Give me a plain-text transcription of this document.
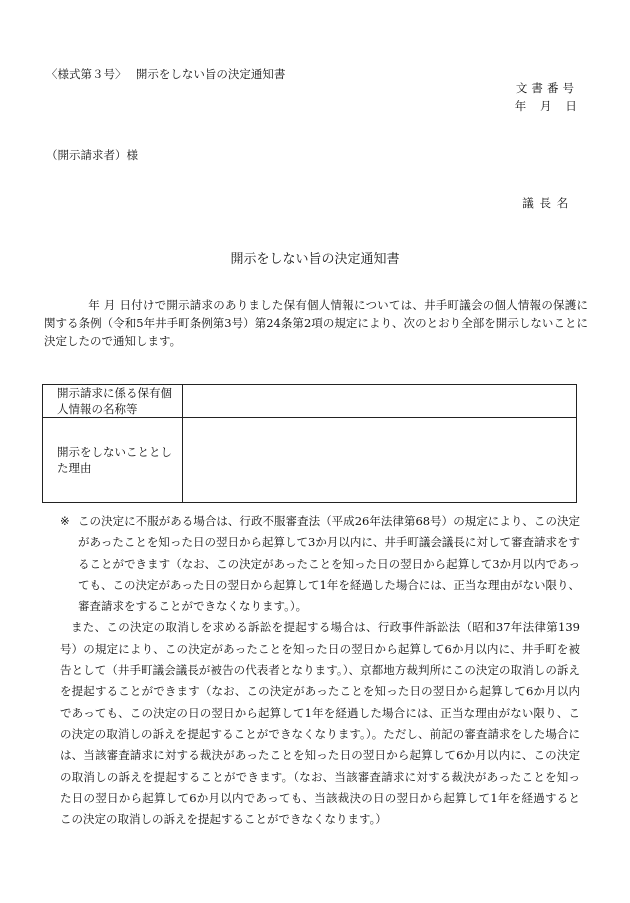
〈様式第３号〉　 開示をしない旨の決定通知書
文書番号
年　月　日
（開示請求者）様
議長名
開示をしない旨の決定通知書
年 月 日付けで開示請求のありました保有個人情報については、井手町議会の個人情報の保護に関する条例（令和5年井手町条例第3号）第24条第2項の規定により、次のとおり全部を開示しないことに決定したので通知します。
開示請求に係る保有個人情報の名称等	
開示をしないこととした理由	

※ この決定に不服がある場合は、行政不服審査法（平成26年法律第68号）の規定により、この決定があったことを知った日の翌日から起算して3か月以内に、井手町議会議長に対して審査請求をすることができます（なお、この決定があったことを知った日の翌日から起算して3か月以内であっても、この決定があった日の翌日から起算して1年を経過した場合には、正当な理由がない限り、審査請求をすることができなくなります。）。

また、この決定の取消しを求める訴訟を提起する場合は、行政事件訴訟法（昭和37年法律第139号）の規定により、この決定があったことを知った日の翌日から起算して6か月以内に、井手町を被告として（井手町議会議長が被告の代表者となります。）、京都地方裁判所にこの決定の取消しの訴えを提起することができます（なお、この決定があったことを知った日の翌日から起算して6か月以内であっても、この決定の日の翌日から起算して1年を経過した場合には、正当な理由がない限り、この決定の取消しの訴えを提起することができなくなります。）。ただし、前記の審査請求をした場合には、当該審査請求に対する裁決があったことを知った日の翌日から起算して6か月以内に、この決定の取消しの訴えを提起することができます。（なお、当該審査請求に対する裁決があったことを知った日の翌日から起算して6か月以内であっても、当該裁決の日の翌日から起算して1年を経過するとこの決定の取消しの訴えを提起することができなくなります。）
